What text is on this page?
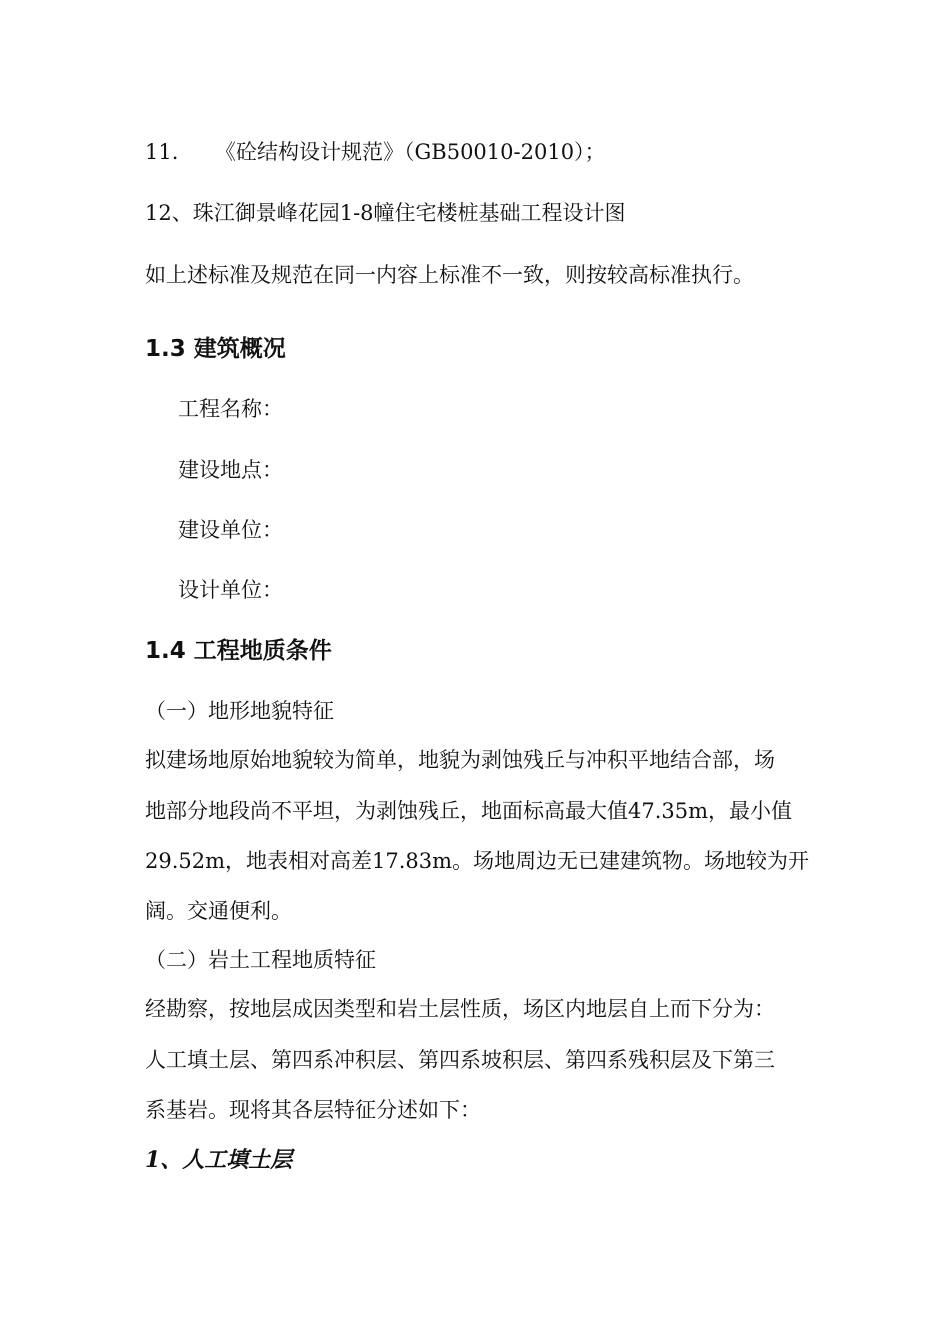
11. 《砼结构设计规范》（GB50010-2010）；
12、珠江御景峰花园1-8幢住宅楼桩基础工程设计图
如上述标准及规范在同一内容上标准不一致，则按较高标准执行。
1.3 建筑概况
工程名称：
建设地点：
建设单位：
设计单位：
1.4 工程地质条件
（一）地形地貌特征
拟建场地原始地貌较为简单，地貌为剥蚀残丘与冲积平地结合部，场
地部分地段尚不平坦，为剥蚀残丘，地面标高最大值47.35m，最小值
29.52m，地表相对高差17.83m。场地周边无已建建筑物。场地较为开
阔。交通便利。
（二）岩土工程地质特征
经勘察，按地层成因类型和岩土层性质，场区内地层自上而下分为：
人工填土层、第四系冲积层、第四系坡积层、第四系残积层及下第三
系基岩。现将其各层特征分述如下：
1、人工填土层
